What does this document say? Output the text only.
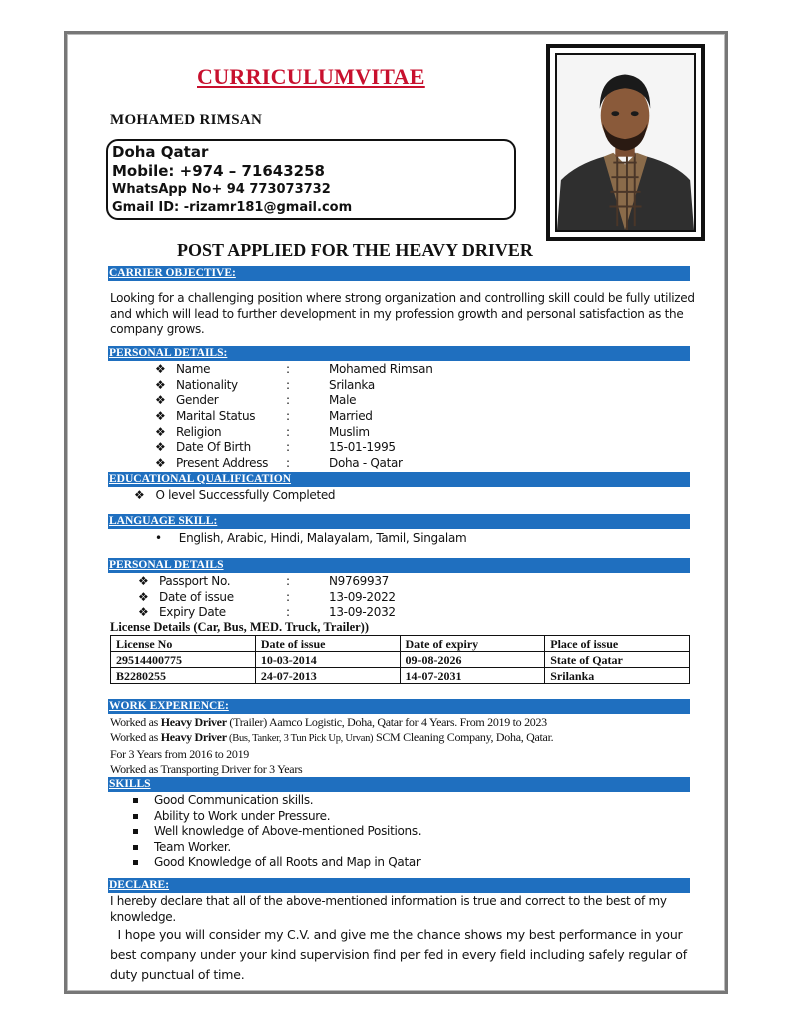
CURRICULUMVITAE
MOHAMED RIMSAN
Doha Qatar
Mobile: +974 – 71643258
WhatsApp No+ 94 773073732
Gmail ID: -rizamr181@gmail.com
POST APPLIED FOR THE HEAVY DRIVER
CARRIER OBJECTIVE:
Looking for a challenging position where strong organization and controlling skill could be fully utilized and which will lead to further development in my profession growth and personal satisfaction as the company grows.
PERSONAL DETAILS:
❖ Name	:	Mohamed Rimsan
❖ Nationality	:	Srilanka
❖ Gender	:	Male
❖ Marital Status	:	Married
❖ Religion	:	Muslim
❖ Date Of Birth	:	15-01-1995
❖ Present Address :	Doha - Qatar
EDUCATIONAL QUALIFICATION
❖ O level Successfully Completed
LANGUAGE SKILL:
• English, Arabic, Hindi, Malayalam, Tamil, Singalam
PERSONAL DETAILS
❖ Passport No.	:	N9769937
❖ Date of issue	:	13-09-2022
❖ Expiry Date	:	13-09-2032
License Details (Car, Bus, MED. Truck, Trailer))
License No	Date of issue	Date of expiry	Place of issue
29514400775	10-03-2014	09-08-2026	State of Qatar
B2280255	24-07-2013	14-07-2031	Srilanka
WORK EXPERIENCE:
Worked as Heavy Driver (Trailer) Aamco Logistic, Doha, Qatar for 4 Years. From 2019 to 2023
Worked as Heavy Driver (Bus, Tanker, 3 Tun Pick Up, Urvan) SCM Cleaning Company, Doha, Qatar.
For 3 Years from 2016 to 2019
Worked as Transporting Driver for 3 Years
SKILLS
Good Communication skills.
Ability to Work under Pressure.
Well knowledge of Above-mentioned Positions.
Team Worker.
Good Knowledge of all Roots and Map in Qatar
DECLARE:
I hereby declare that all of the above-mentioned information is true and correct to the best of my knowledge.
I hope you will consider my C.V. and give me the chance shows my best performance in your best company under your kind supervision find per fed in every field including safely regular of duty punctual of time.
